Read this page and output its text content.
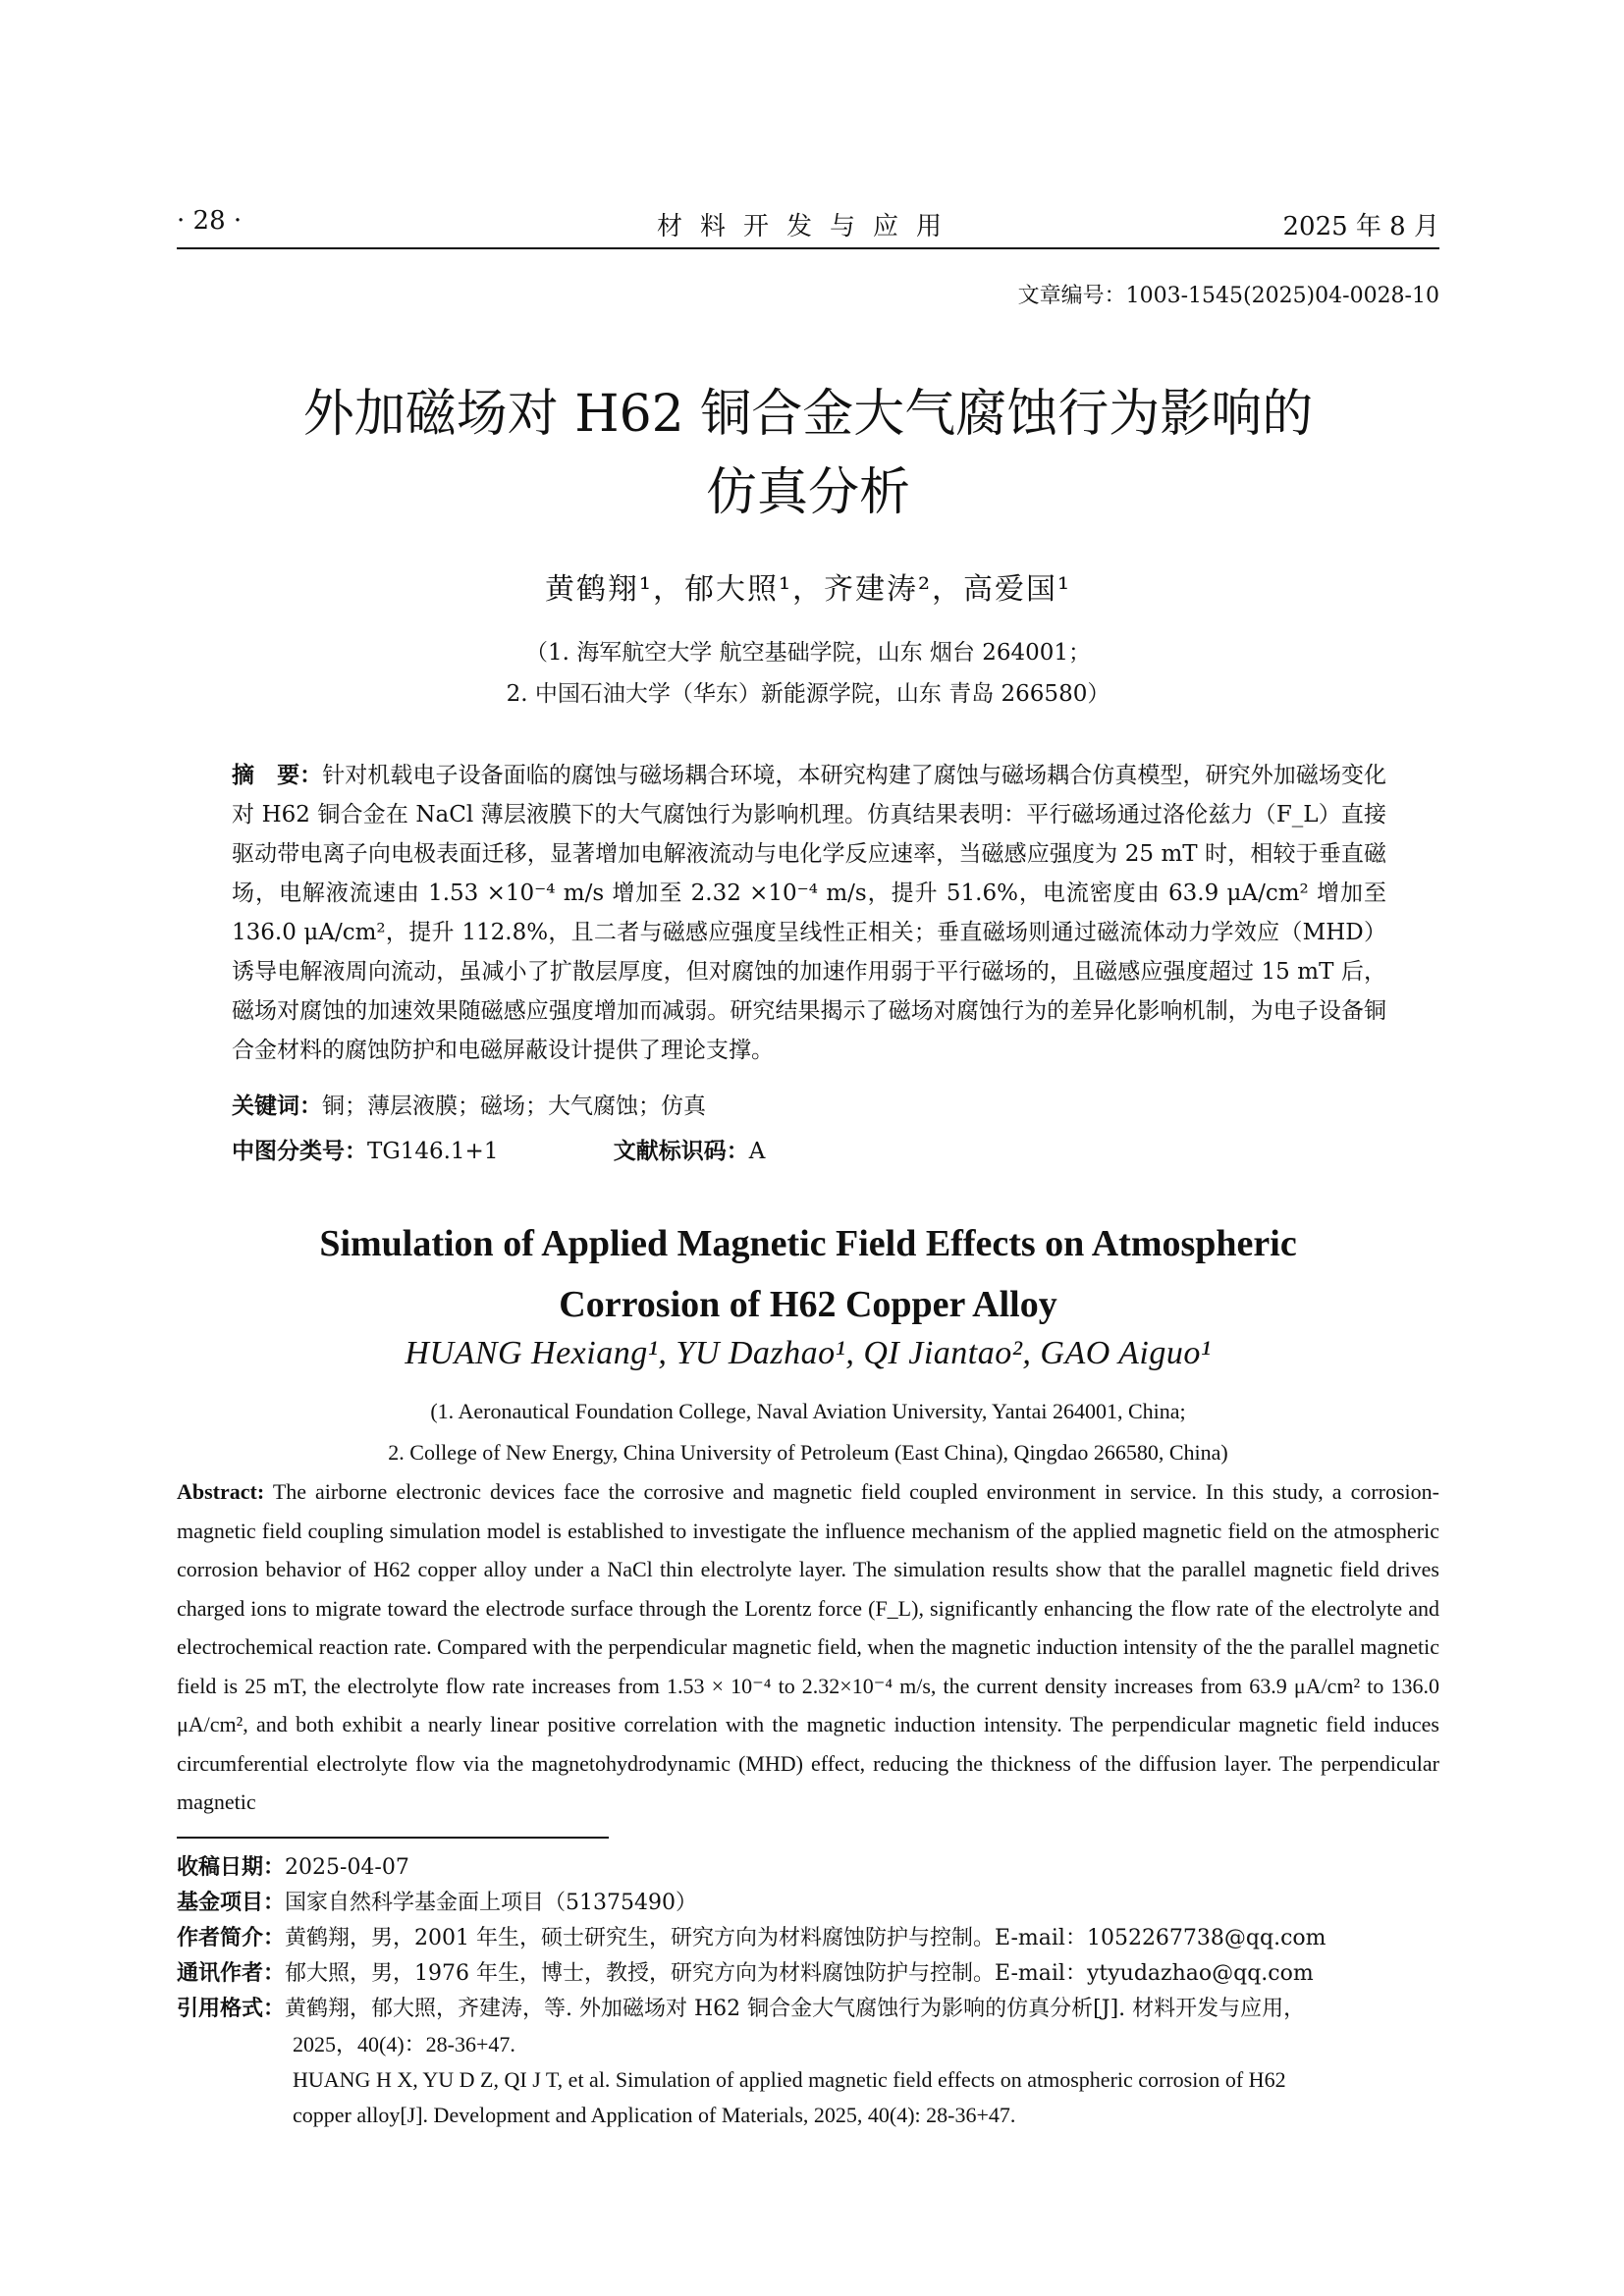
· 28 ·	材料开发与应用	2025 年 8 月
文章编号：1003-1545(2025)04-0028-10
外加磁场对 H62 铜合金大气腐蚀行为影响的
仿真分析
黄鹤翔¹，郁大照¹，齐建涛²，高爱国¹
（1. 海军航空大学 航空基础学院，山东 烟台 264001；
2. 中国石油大学（华东）新能源学院，山东 青岛 266580）
摘　要：针对机载电子设备面临的腐蚀与磁场耦合环境，本研究构建了腐蚀与磁场耦合仿真模型，研究外加磁场变化对 H62 铜合金在 NaCl 薄层液膜下的大气腐蚀行为影响机理。仿真结果表明：平行磁场通过洛伦兹力（F_L）直接驱动带电离子向电极表面迁移，显著增加电解液流动与电化学反应速率，当磁感应强度为 25 mT 时，相较于垂直磁场，电解液流速由 1.53 ×10⁻⁴ m/s 增加至 2.32 ×10⁻⁴ m/s，提升 51.6%，电流密度由 63.9 μA/cm² 增加至 136.0 μA/cm²，提升 112.8%，且二者与磁感应强度呈线性正相关；垂直磁场则通过磁流体动力学效应（MHD）诱导电解液周向流动，虽减小了扩散层厚度，但对腐蚀的加速作用弱于平行磁场的，且磁感应强度超过 15 mT 后，磁场对腐蚀的加速效果随磁感应强度增加而减弱。研究结果揭示了磁场对腐蚀行为的差异化影响机制，为电子设备铜合金材料的腐蚀防护和电磁屏蔽设计提供了理论支撑。
关键词：铜；薄层液膜；磁场；大气腐蚀；仿真
中图分类号：TG146.1+1	文献标识码：A
Simulation of Applied Magnetic Field Effects on Atmospheric
Corrosion of H62 Copper Alloy
HUANG Hexiang¹, YU Dazhao¹, QI Jiantao², GAO Aiguo¹
(1. Aeronautical Foundation College, Naval Aviation University, Yantai 264001, China;
2. College of New Energy, China University of Petroleum (East China), Qingdao 266580, China)
Abstract: The airborne electronic devices face the corrosive and magnetic field coupled environment in service. In this study, a corrosion-magnetic field coupling simulation model is established to investigate the influence mechanism of the applied magnetic field on the atmospheric corrosion behavior of H62 copper alloy under a NaCl thin electrolyte layer. The simulation results show that the parallel magnetic field drives charged ions to migrate toward the electrode surface through the Lorentz force (F_L), significantly enhancing the flow rate of the electrolyte and electrochemical reaction rate. Compared with the perpendicular magnetic field, when the magnetic induction intensity of the the parallel magnetic field is 25 mT, the electrolyte flow rate increases from 1.53 × 10⁻⁴ to 2.32×10⁻⁴ m/s, the current density increases from 63.9 μA/cm² to 136.0 μA/cm², and both exhibit a nearly linear positive correlation with the magnetic induction intensity. The perpendicular magnetic field induces circumferential electrolyte flow via the magnetohydrodynamic (MHD) effect, reducing the thickness of the diffusion layer. The perpendicular magnetic
收稿日期： 2025-04-07
基金项目： 国家自然科学基金面上项目（51375490）
作者简介： 黄鹤翔，男，2001 年生，硕士研究生，研究方向为材料腐蚀防护与控制。E-mail：1052267738@qq.com
通讯作者： 郁大照，男，1976 年生，博士，教授，研究方向为材料腐蚀防护与控制。E-mail：ytyudazhao@qq.com
引用格式： 黄鹤翔，郁大照，齐建涛，等. 外加磁场对 H62 铜合金大气腐蚀行为影响的仿真分析[J]. 材料开发与应用，
2025，40(4)：28-36+47.
HUANG H X, YU D Z, QI J T, et al. Simulation of applied magnetic field effects on atmospheric corrosion of H62
copper alloy[J]. Development and Application of Materials, 2025, 40(4): 28-36+47.
